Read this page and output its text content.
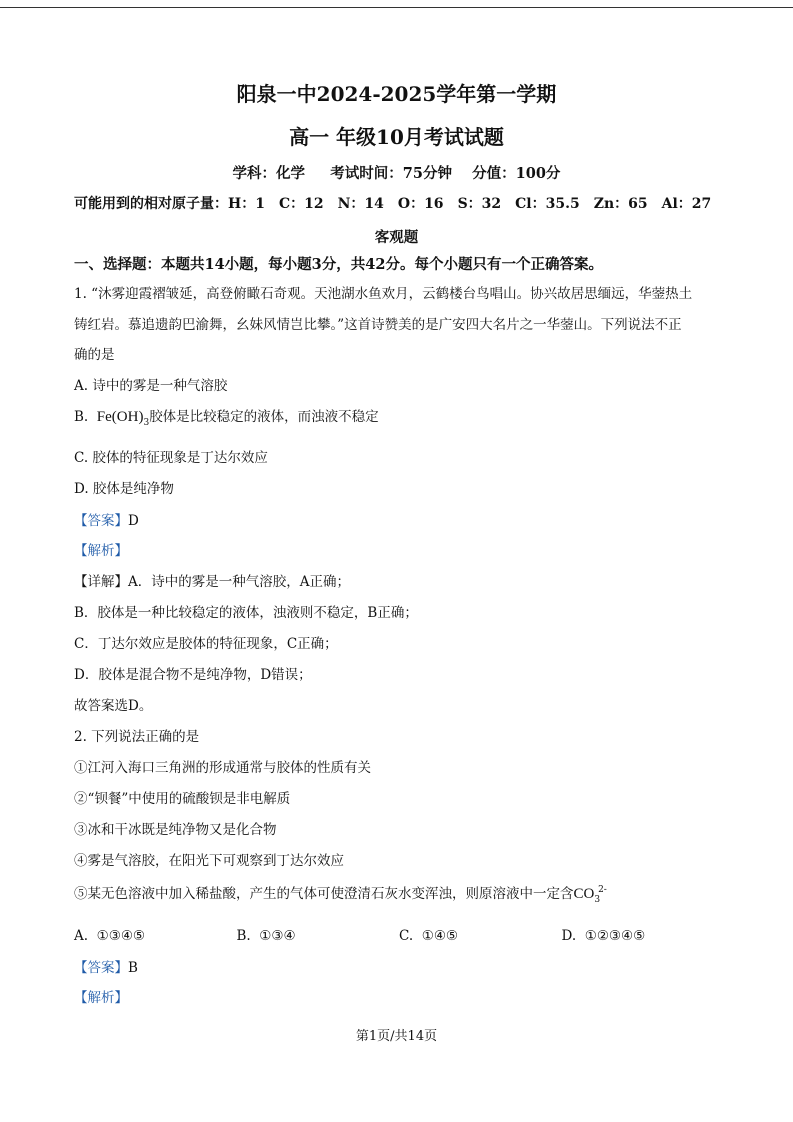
阳泉一中2024-2025学年第一学期
高一 年级10月考试试题
学科：化学     考试时间：75分钟    分值：100分
可能用到的相对原子量： H：1 C：12 N：14 O：16 S：32 Cl：35.5 Zn：65 Al：27
客观题
一、选择题：本题共14小题，每小题3分，共42分。每个小题只有一个正确答案。
1. “沐雾迎霞褶皱延，高登俯瞰石奇观。天池湖水鱼欢月，云鹤楼台鸟唱山。协兴故居思缅远，华蓥热土
铸红岩。慕追遗韵巴渝舞，幺妹风情岂比攀。”这首诗赞美的是广安四大名片之一华蓥山。下列说法不正
确的是
A. 诗中的雾是一种气溶胶
B.  $Fe(OH)_3$胶体是比较稳定的液体，而浊液不稳定
C. 胶体的特征现象是丁达尔效应
D. 胶体是纯净物
【答案】D
【解析】
【详解】A．诗中的雾是一种气溶胶，A正确；
B．胶体是一种比较稳定的液体，浊液则不稳定，B正确；
C．丁达尔效应是胶体的特征现象，C正确；
D．胶体是混合物不是纯净物，D错误；
故答案选D。
2. 下列说法正确的是
①江河入海口三角洲的形成通常与胶体的性质有关
②“钡餐”中使用的硫酸钡是非电解质
③冰和干冰既是纯净物又是化合物
④雾是气溶胶，在阳光下可观察到丁达尔效应
⑤某无色溶液中加入稀盐酸，产生的气体可使澄清石灰水变浑浊，则原溶液中一定含$CO_3^{2-}$
A.  ①③④⑤	B.  ①③④	C.  ①④⑤	D.  ①②③④⑤
【答案】B
【解析】
第1页/共14页
